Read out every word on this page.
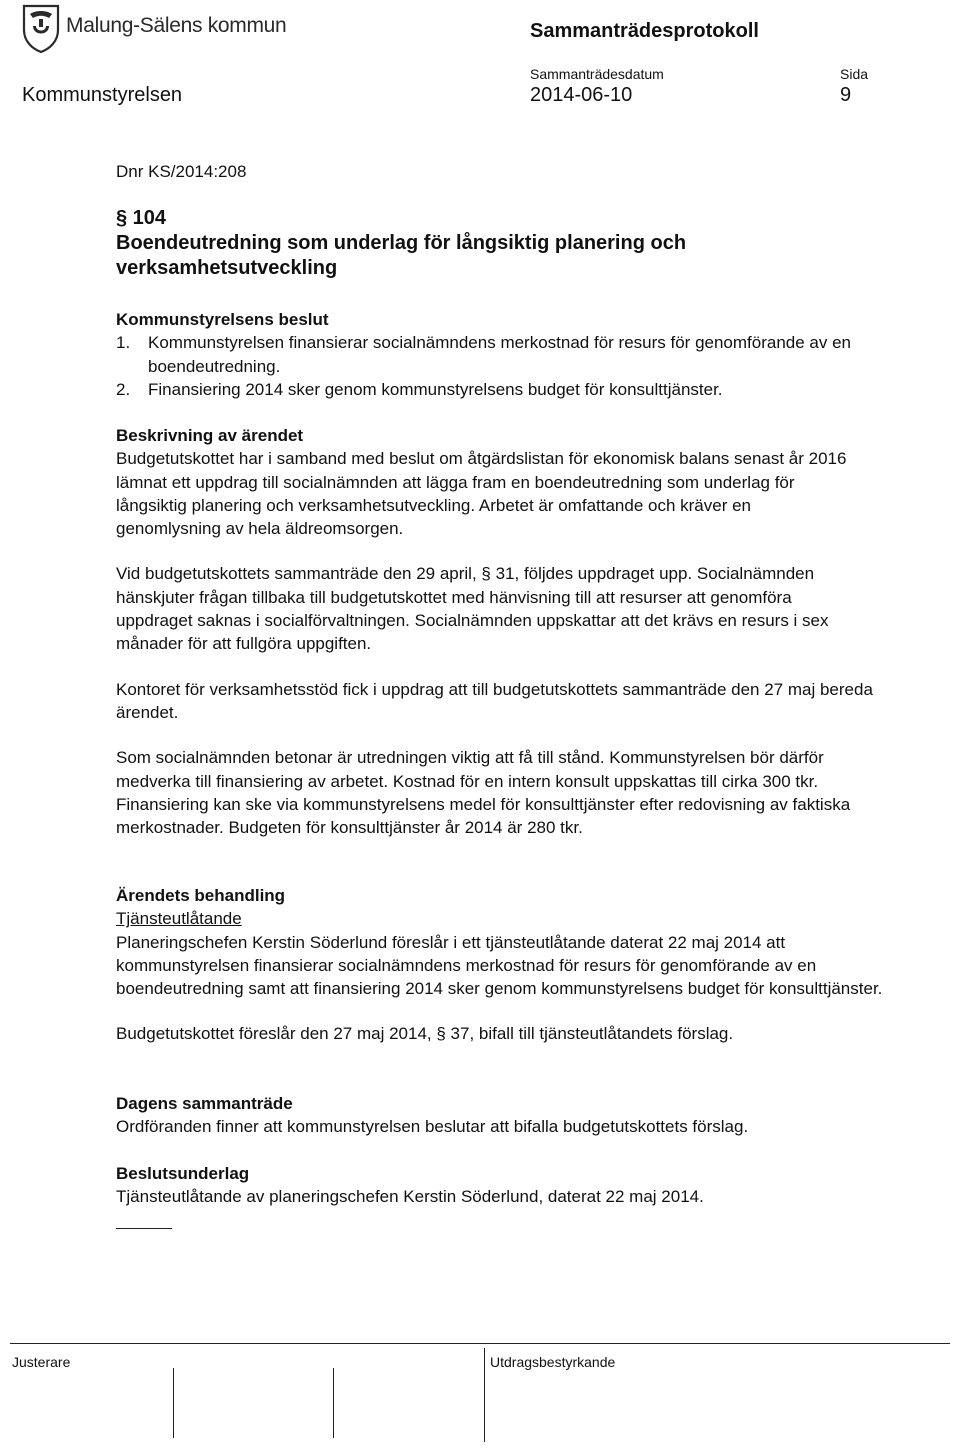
Malung-Sälens kommun	Sammanträdesprotokoll
Sammanträdesdatum	Sida
Kommunstyrelsen	2014-06-10	9
Dnr KS/2014:208
§ 104
Boendeutredning som underlag för långsiktig planering och
verksamhetsutveckling
Kommunstyrelsens beslut
1. Kommunstyrelsen finansierar socialnämndens merkostnad för resurs för genomförande av en boendeutredning.
2. Finansiering 2014 sker genom kommunstyrelsens budget för konsulttjänster.
Beskrivning av ärendet

Budgetutskottet har i samband med beslut om åtgärdslistan för ekonomisk balans senast år 2016 lämnat ett uppdrag till socialnämnden att lägga fram en boendeutredning som underlag för långsiktig planering och verksamhetsutveckling. Arbetet är omfattande och kräver en genomlysning av hela äldreomsorgen.

Vid budgetutskottets sammanträde den 29 april, § 31, följdes uppdraget upp. Socialnämnden hänskjuter frågan tillbaka till budgetutskottet med hänvisning till att resurser att genomföra uppdraget saknas i socialförvaltningen. Socialnämnden uppskattar att det krävs en resurs i sex månader för att fullgöra uppgiften.

Kontoret för verksamhetsstöd fick i uppdrag att till budgetutskottets sammanträde den 27 maj bereda ärendet.

Som socialnämnden betonar är utredningen viktig att få till stånd. Kommunstyrelsen bör därför medverka till finansiering av arbetet. Kostnad för en intern konsult uppskattas till cirka 300 tkr. Finansiering kan ske via kommunstyrelsens medel för konsulttjänster efter redovisning av faktiska merkostnader. Budgeten för konsulttjänster år 2014 är 280 tkr.

Ärendets behandling
Tjänsteutlåtande

Planeringschefen Kerstin Söderlund föreslår i ett tjänsteutlåtande daterat 22 maj 2014 att kommunstyrelsen finansierar socialnämndens merkostnad för resurs för genomförande av en boendeutredning samt att finansiering 2014 sker genom kommunstyrelsens budget för konsulttjänster.

Budgetutskottet föreslår den 27 maj 2014, § 37, bifall till tjänsteutlåtandets förslag.

Dagens sammanträde

Ordföranden finner att kommunstyrelsen beslutar att bifalla budgetutskottets förslag.

Beslutsunderlag

Tjänsteutlåtande av planeringschefen Kerstin Söderlund, daterat 22 maj 2014.

Justerare	Utdragsbestyrkande
